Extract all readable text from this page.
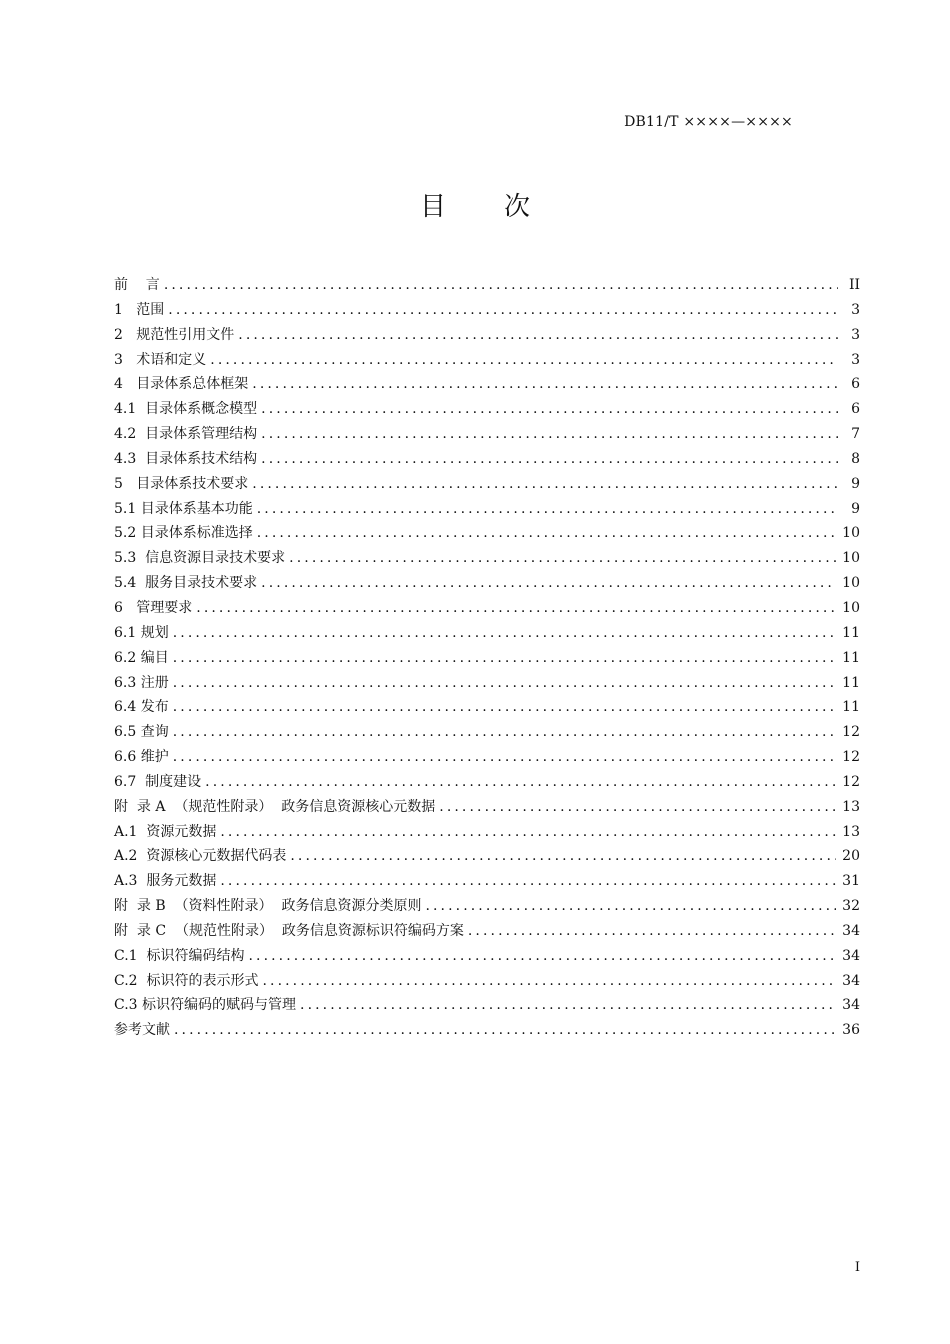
DB11/T ××××—××××
目 次
前    言 .....	II
1   范围 .....	3
2   规范性引用文件 .....	3
3   术语和定义 .....	3
4   目录体系总体框架 .....	6
4.1  目录体系概念模型 .....	6
4.2  目录体系管理结构 .....	7
4.3  目录体系技术结构 .....	8
5   目录体系技术要求 .....	9
5.1 目录体系基本功能 .....	9
5.2 目录体系标准选择 .....	10
5.3  信息资源目录技术要求 .....	10
5.4  服务目录技术要求 .....	10
6   管理要求 .....	10
6.1 规划 .....	11
6.2 编目 .....	11
6.3 注册 .....	11
6.4 发布 .....	11
6.5 查询 .....	12
6.6 维护 .....	12
6.7  制度建设 .....	12
附  录 A  （规范性附录）  政务信息资源核心元数据 .....	13
A.1  资源元数据 .....	13
A.2  资源核心元数据代码表 .....	20
A.3  服务元数据 .....	31
附  录 B  （资料性附录）  政务信息资源分类原则 .....	32
附  录 C  （规范性附录）  政务信息资源标识符编码方案 .....	34
C.1  标识符编码结构 .....	34
C.2  标识符的表示形式 .....	34
C.3 标识符编码的赋码与管理 .....	34
参考文献 .....	36
I
